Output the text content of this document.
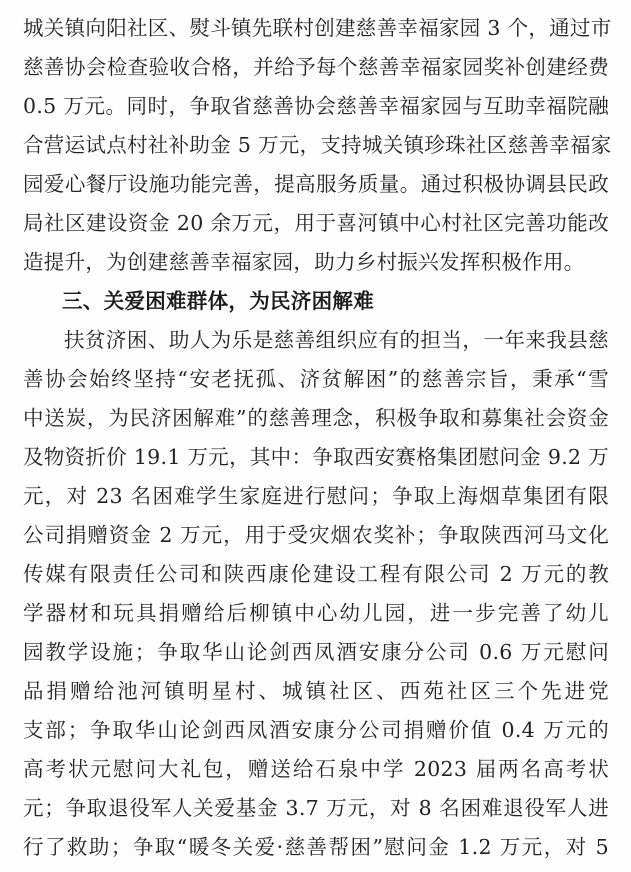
城关镇向阳社区、熨斗镇先联村创建慈善幸福家园 3 个，通过市
慈善协会检查验收合格，并给予每个慈善幸福家园奖补创建经费
0.5 万元。同时，争取省慈善协会慈善幸福家园与互助幸福院融
合营运试点村社补助金 5 万元，支持城关镇珍珠社区慈善幸福家
园爱心餐厅设施功能完善，提高服务质量。通过积极协调县民政
局社区建设资金 20 余万元，用于喜河镇中心村社区完善功能改
造提升，为创建慈善幸福家园，助力乡村振兴发挥积极作用。
三、关爱困难群体，为民济困解难
扶贫济困、助人为乐是慈善组织应有的担当，一年来我县慈
善协会始终坚持“安老抚孤、济贫解困”的慈善宗旨，秉承“雪
中送炭，为民济困解难”的慈善理念，积极争取和募集社会资金
及物资折价 19.1 万元，其中：争取西安赛格集团慰问金 9.2 万
元，对 23 名困难学生家庭进行慰问；争取上海烟草集团有限
公司捐赠资金 2 万元，用于受灾烟农奖补；争取陕西河马文化
传媒有限责任公司和陕西康伦建设工程有限公司 2 万元的教
学器材和玩具捐赠给后柳镇中心幼儿园，进一步完善了幼儿
园教学设施；争取华山论剑西凤酒安康分公司 0.6 万元慰问
品捐赠给池河镇明星村、城镇社区、西苑社区三个先进党
支部；争取华山论剑西凤酒安康分公司捐赠价值 0.4 万元的
高考状元慰问大礼包，赠送给石泉中学 2023 届两名高考状
元；争取退役军人关爱基金 3.7 万元，对 8 名困难退役军人进
行了救助；争取“暖冬关爱·慈善帮困”慰问金 1.2 万元，对 5
